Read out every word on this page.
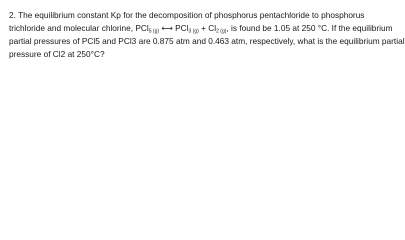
2. The equilibrium constant Kp for the decomposition of phosphorus pentachloride to phosphorus
trichloride and molecular chlorine, PCl$_5$ $_{(g)}$ ⟷ PCl$_3$ $_{(g)} + Cl_2$ $_{(g)}$, is found be 1.05 at 250 °C. If the equilibrium
partial pressures of PCl5 and PCl3 are 0.875 atm and 0.463 atm, respectively, what is the equilibrium partial
pressure of Cl2 at 250°C?
